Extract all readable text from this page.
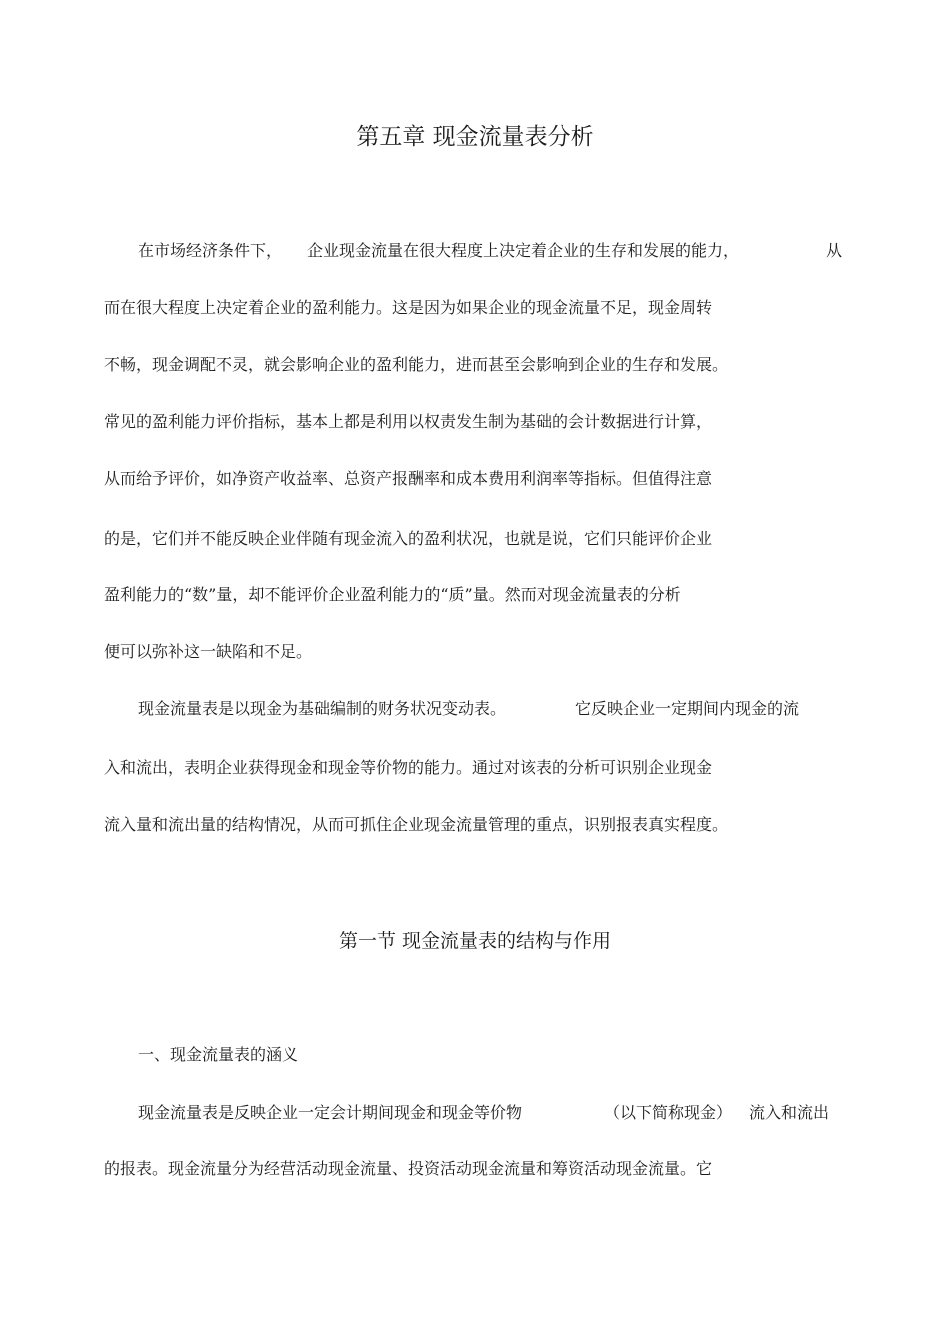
第五章 现金流量表分析
在市场经济条件下， 企业现金流量在很大程度上决定着企业的生存和发展的能力，	从
而在很大程度上决定着企业的盈利能力。这是因为如果企业的现金流量不足，现金周转
不畅，现金调配不灵，就会影响企业的盈利能力，进而甚至会影响到企业的生存和发展。
常见的盈利能力评价指标，基本上都是利用以权责发生制为基础的会计数据进行计算，
从而给予评价，如净资产收益率、总资产报酬率和成本费用利润率等指标。但值得注意
的是，它们并不能反映企业伴随有现金流入的盈利状况，也就是说，它们只能评价企业
盈利能力的“数”量，却不能评价企业盈利能力的“质”量。然而对现金流量表的分析
便可以弥补这一缺陷和不足。
现金流量表是以现金为基础编制的财务状况变动表。	它反映企业一定期间内现金的流
入和流出，表明企业获得现金和现金等价物的能力。通过对该表的分析可识别企业现金
流入量和流出量的结构情况，从而可抓住企业现金流量管理的重点，识别报表真实程度。
第一节 现金流量表的结构与作用
一、现金流量表的涵义
现金流量表是反映企业一定会计期间现金和现金等价物	（以下简称现金） 流入和流出
的报表。现金流量分为经营活动现金流量、投资活动现金流量和筹资活动现金流量。它
